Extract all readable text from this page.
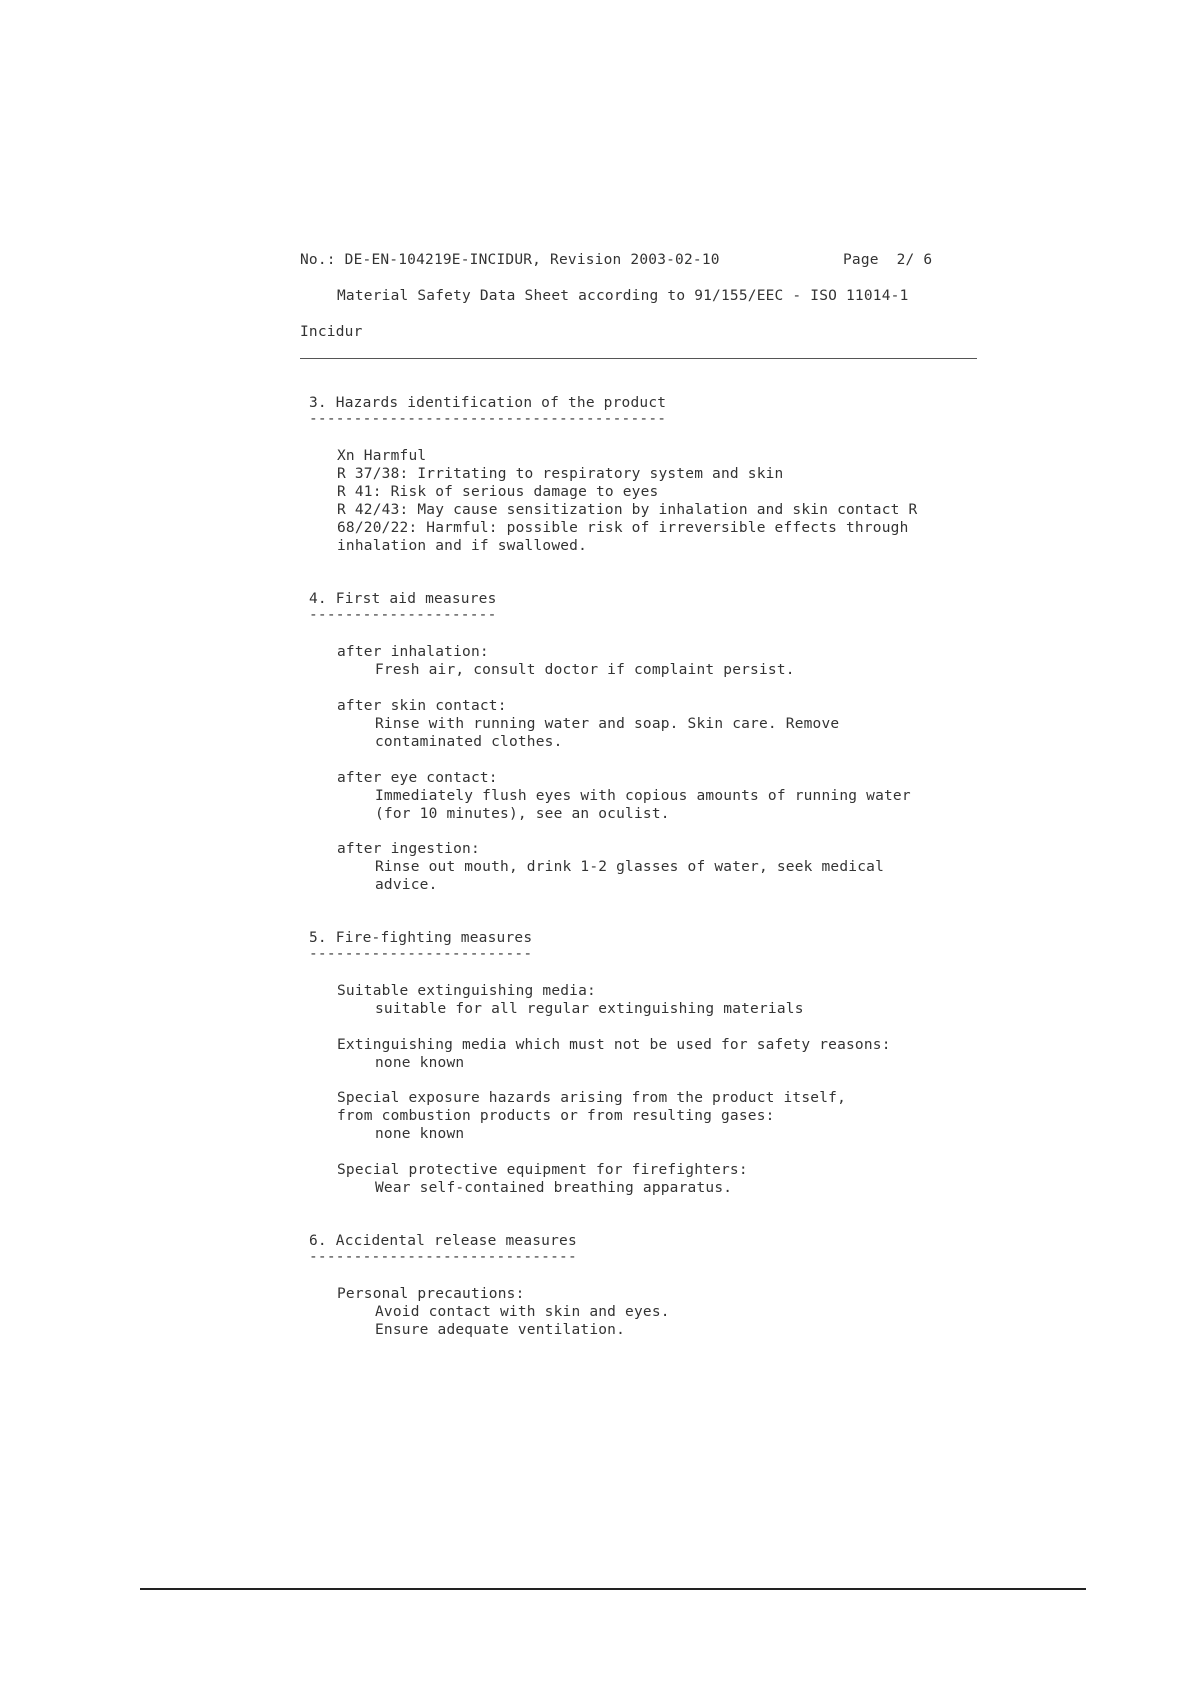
No.: DE-EN-104219E-INCIDUR, Revision 2003-02-10	Page  2/ 6
Material Safety Data Sheet according to 91/155/EEC - ISO 11014-1
Incidur
3. Hazards identification of the product
----------------------------------------
Xn Harmful
R 37/38: Irritating to respiratory system and skin
R 41: Risk of serious damage to eyes
R 42/43: May cause sensitization by inhalation and skin contact R
68/20/22: Harmful: possible risk of irreversible effects through
inhalation and if swallowed.
4. First aid measures
---------------------
after inhalation:
Fresh air, consult doctor if complaint persist.
after skin contact:
Rinse with running water and soap. Skin care. Remove
contaminated clothes.
after eye contact:
Immediately flush eyes with copious amounts of running water
(for 10 minutes), see an oculist.
after ingestion:
Rinse out mouth, drink 1-2 glasses of water, seek medical
advice.
5. Fire-fighting measures
-------------------------
Suitable extinguishing media:
suitable for all regular extinguishing materials
Extinguishing media which must not be used for safety reasons:
none known
Special exposure hazards arising from the product itself,
from combustion products or from resulting gases:
none known
Special protective equipment for firefighters:
Wear self-contained breathing apparatus.
6. Accidental release measures
------------------------------
Personal precautions:
Avoid contact with skin and eyes.
Ensure adequate ventilation.
